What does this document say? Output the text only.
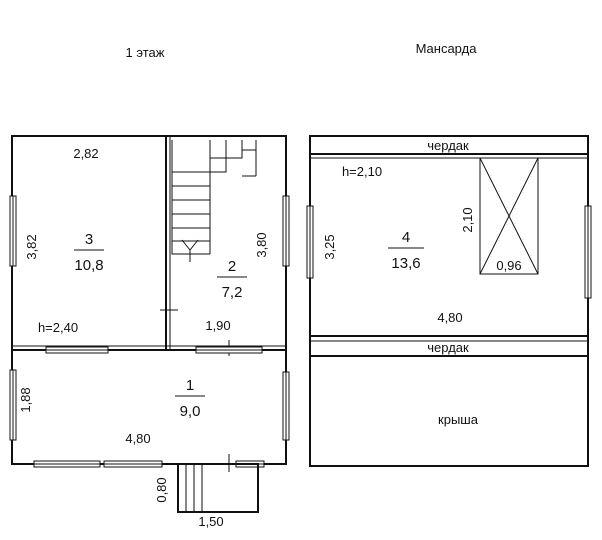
1 этаж
2,82
3,82	3
10,8
h=2,40
3,80
2
7,2
1,90
1,88
1
9,0
4,80
0,80
1,50
Мансарда
чердак
h=2,10
3,25	4
13,6
2,10
0,96
4,80
чердак
крыша
